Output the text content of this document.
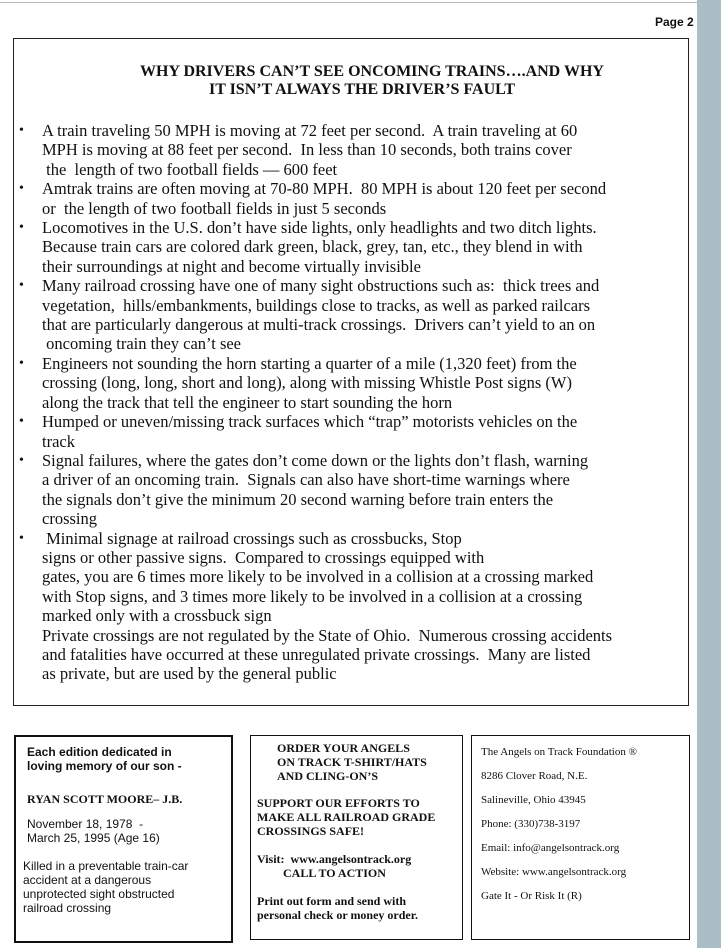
Page 2
WHY DRIVERS CAN’T SEE ONCOMING TRAINS….AND WHY
IT ISN’T ALWAYS THE DRIVER’S FAULT
• A train traveling 50 MPH is moving at 72 feet per second.  A train traveling at 60
MPH is moving at 88 feet per second.  In less than 10 seconds, both trains cover
the  length of two football fields — 600 feet
• Amtrak trains are often moving at 70-80 MPH.  80 MPH is about 120 feet per second
or  the length of two football fields in just 5 seconds
• Locomotives in the U.S. don’t have side lights, only headlights and two ditch lights.
Because train cars are colored dark green, black, grey, tan, etc., they blend in with
their surroundings at night and become virtually invisible
• Many railroad crossing have one of many sight obstructions such as:  thick trees and
vegetation,  hills/embankments, buildings close to tracks, as well as parked railcars
that are particularly dangerous at multi-track crossings.  Drivers can’t yield to an on
oncoming train they can’t see
• Engineers not sounding the horn starting a quarter of a mile (1,320 feet) from the
crossing (long, long, short and long), along with missing Whistle Post signs (W)
along the track that tell the engineer to start sounding the horn
• Humped or uneven/missing track surfaces which “trap” motorists vehicles on the
track
• Signal failures, where the gates don’t come down or the lights don’t flash, warning
a driver of an oncoming train.  Signals can also have short-time warnings where
the signals don’t give the minimum 20 second warning before train enters the
crossing
• Minimal signage at railroad crossings such as crossbucks, Stop
signs or other passive signs.  Compared to crossings equipped with
gates, you are 6 times more likely to be involved in a collision at a crossing marked
with Stop signs, and 3 times more likely to be involved in a collision at a crossing
marked only with a crossbuck sign
Private crossings are not regulated by the State of Ohio.  Numerous crossing accidents
and fatalities have occurred at these unregulated private crossings.  Many are listed
as private, but are used by the general public
Each edition dedicated in
loving memory of our son -
RYAN SCOTT MOORE– J.B.
November 18, 1978  -
March 25, 1995 (Age 16)
Killed in a preventable train-car
accident at a dangerous
unprotected sight obstructed
railroad crossing
ORDER YOUR ANGELS
ON TRACK T-SHIRT/HATS
AND CLING-ON’S
SUPPORT OUR EFFORTS TO
MAKE ALL RAILROAD GRADE
CROSSINGS SAFE!
Visit:  www.angelsontrack.org
CALL TO ACTION
Print out form and send with
personal check or money order.
The Angels on Track Foundation ®
8286 Clover Road, N.E.
Salineville, Ohio 43945
Phone: (330)738-3197
Email: info@angelsontrack.org
Website: www.angelsontrack.org
Gate It - Or Risk It (R)
